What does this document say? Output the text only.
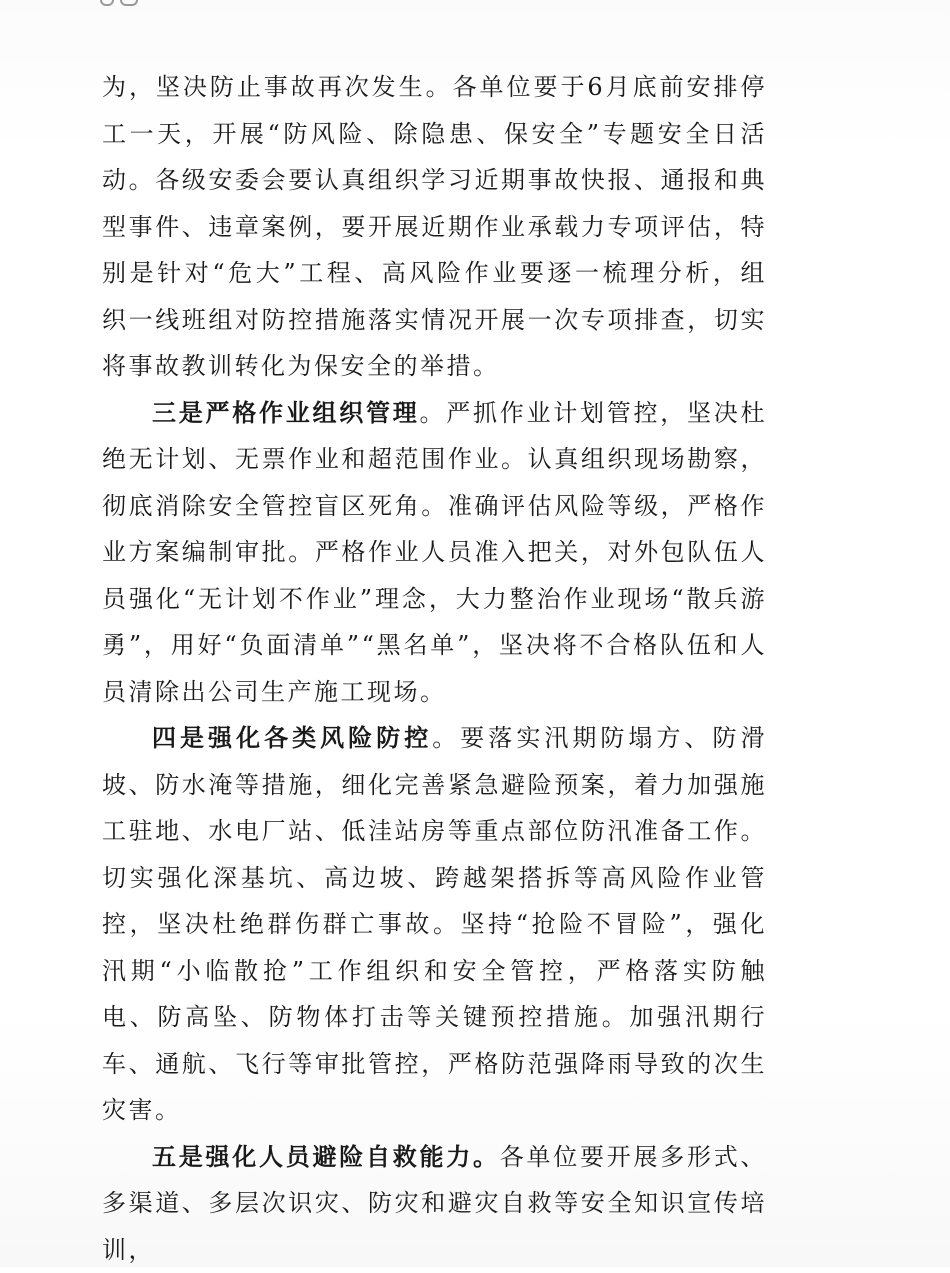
为，坚决防止事故再次发生。各单位要于6月底前安排停工一天，开展“防风险、除隐患、保安全”专题安全日活动。各级安委会要认真组织学习近期事故快报、通报和典型事件、违章案例，要开展近期作业承载力专项评估，特别是针对“危大”工程、高风险作业要逐一梳理分析，组织一线班组对防控措施落实情况开展一次专项排查，切实将事故教训转化为保安全的举措。

三是严格作业组织管理。严抓作业计划管控，坚决杜绝无计划、无票作业和超范围作业。认真组织现场勘察，彻底消除安全管控盲区死角。准确评估风险等级，严格作业方案编制审批。严格作业人员准入把关，对外包队伍人员强化“无计划不作业”理念，大力整治作业现场“散兵游勇”，用好“负面清单”“黑名单”，坚决将不合格队伍和人员清除出公司生产施工现场。

四是强化各类风险防控。要落实汛期防塌方、防滑坡、防水淹等措施，细化完善紧急避险预案，着力加强施工驻地、水电厂站、低洼站房等重点部位防汛准备工作。切实强化深基坑、高边坡、跨越架搭拆等高风险作业管控，坚决杜绝群伤群亡事故。坚持“抢险不冒险”，强化汛期“小临散抢”工作组织和安全管控，严格落实防触电、防高坠、防物体打击等关键预控措施。加强汛期行车、通航、飞行等审批管控，严格防范强降雨导致的次生灾害。

五是强化人员避险自救能力。各单位要开展多形式、多渠道、多层次识灾、防灾和避灾自救等安全知识宣传培训，
